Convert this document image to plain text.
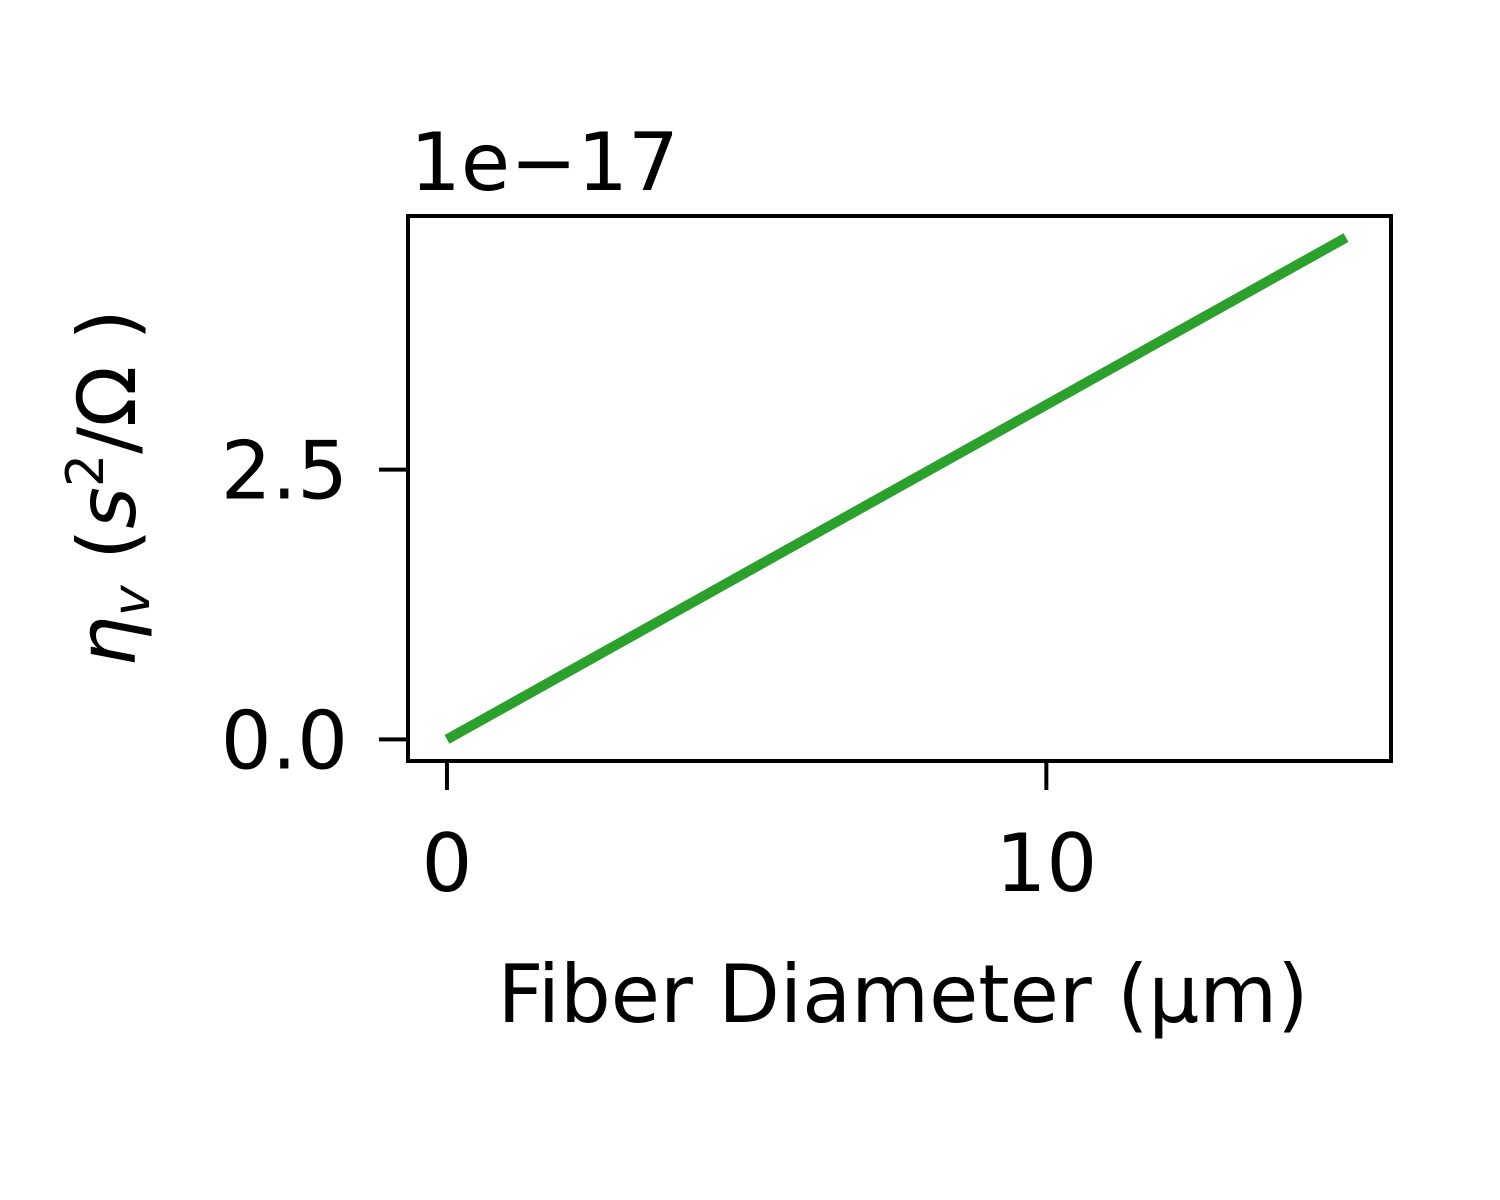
0	10
0.0
2.5
1e−17
Fiber Diameter (μm)
ηv ($s^2/\Omega$ )
